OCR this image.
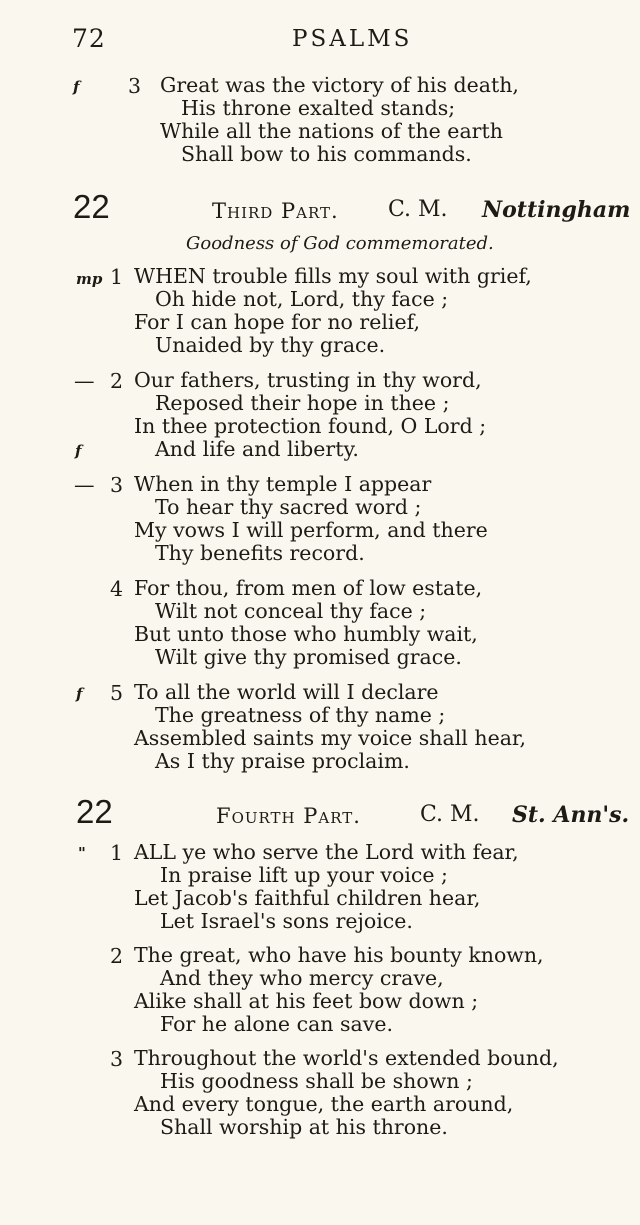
72	PSALMS
f 3 Great was the victory of his death,
His throne exalted stands;
While all the nations of the earth
Shall bow to his commands.
22	Third Part. C. M. Nottingham
Goodness of God commemorated.
mp 1 WHEN trouble fills my soul with grief,
Oh hide not, Lord, thy face ;
For I can hope for no relief,
Unaided by thy grace.
— 2 Our fathers, trusting in thy word,
Reposed their hope in thee ;
In thee protection found, O Lord ;
f	And life and liberty.
— 3 When in thy temple I appear
To hear thy sacred word ;
My vows I will perform, and there
Thy benefits record.
4 For thou, from men of low estate,
Wilt not conceal thy face ;
But unto those who humbly wait,
Wilt give thy promised grace.
f 5 To all the world will I declare
The greatness of thy name ;
Assembled saints my voice shall hear,
As I thy praise proclaim.
22	Fourth Part.	C. M. St. Ann's.
" 1 ALL ye who serve the Lord with fear,
In praise lift up your voice ;
Let Jacob's faithful children hear,
Let Israel's sons rejoice.
2 The great, who have his bounty known,
And they who mercy crave,
Alike shall at his feet bow down ;
For he alone can save.
3 Throughout the world's extended bound,
His goodness shall be shown ;
And every tongue, the earth around,
Shall worship at his throne.
